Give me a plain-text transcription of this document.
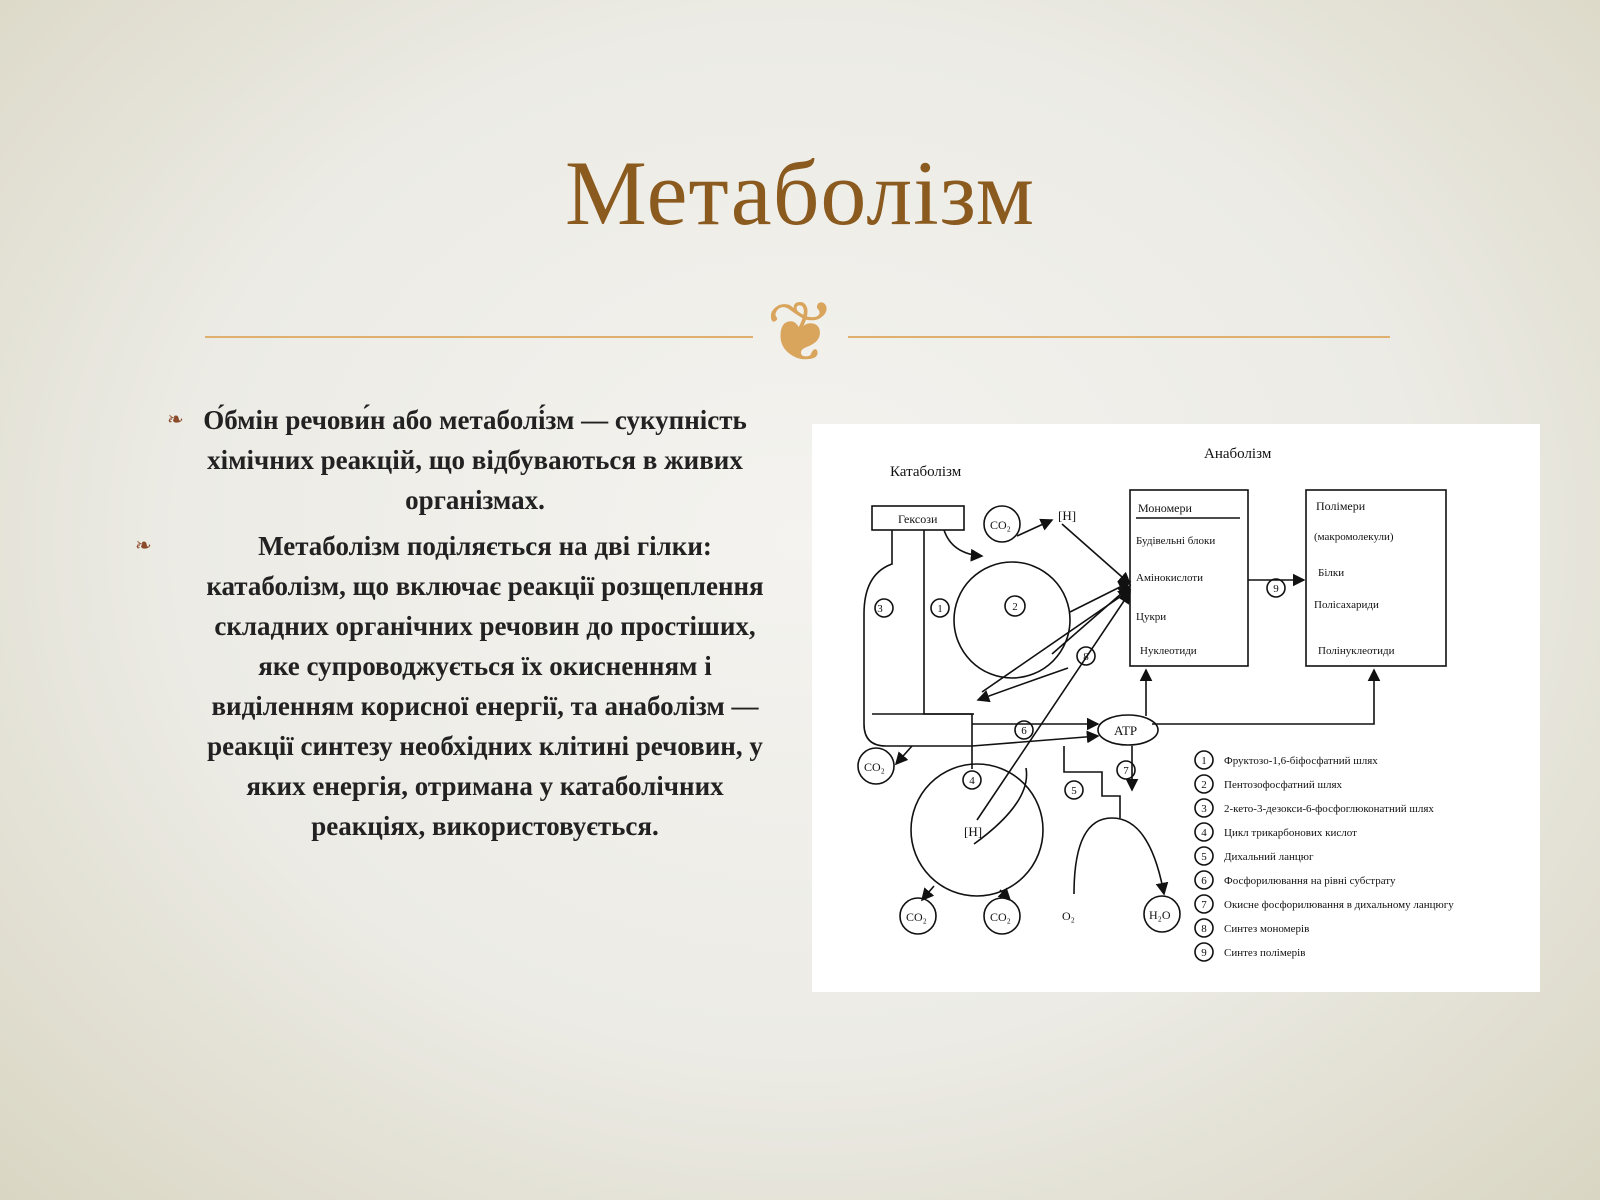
Метаболізм
❦
❧ О́бмін речови́н або метаболі́зм — сукупність хімічних реакцій, що відбуваються в живих організмах.
❧	Метаболізм поділяється на дві гілки: катаболізм, що включає реакції розщеплення складних органічних речовин до простіших, яке супроводжується їх окисненням і виділенням корисної енергії, та анаболізм — реакції синтезу необхідних клітині речовин, у яких енергія, отримана у катаболічних реакціях, використовується.
Катаболізм
Анаболізм
Гексози	CO₂
CO₂
CO₂	CO₂
[H]
[H]
ATP
O₂	H₂O
Мономери
Будівельні блоки
Амінокислоти
Цукри
Нуклеотиди
Полімери
(макромолекули)
Білки
Полісахариди
Полінуклеотиди
3	1	2
4
6
7
5
8
9
1 Фруктозо-1,6-біфосфатний шлях
2 Пентозофосфатний шлях
3 2-кето-3-дезокси-6-фосфоглюконатний шлях
4 Цикл трикарбонових кислот
5 Дихальний ланцюг
6 Фосфорилювання на рівні субстрату
7 Окисне фосфорилювання в дихальному ланцюгу
8 Синтез мономерів
9 Синтез полімерів
